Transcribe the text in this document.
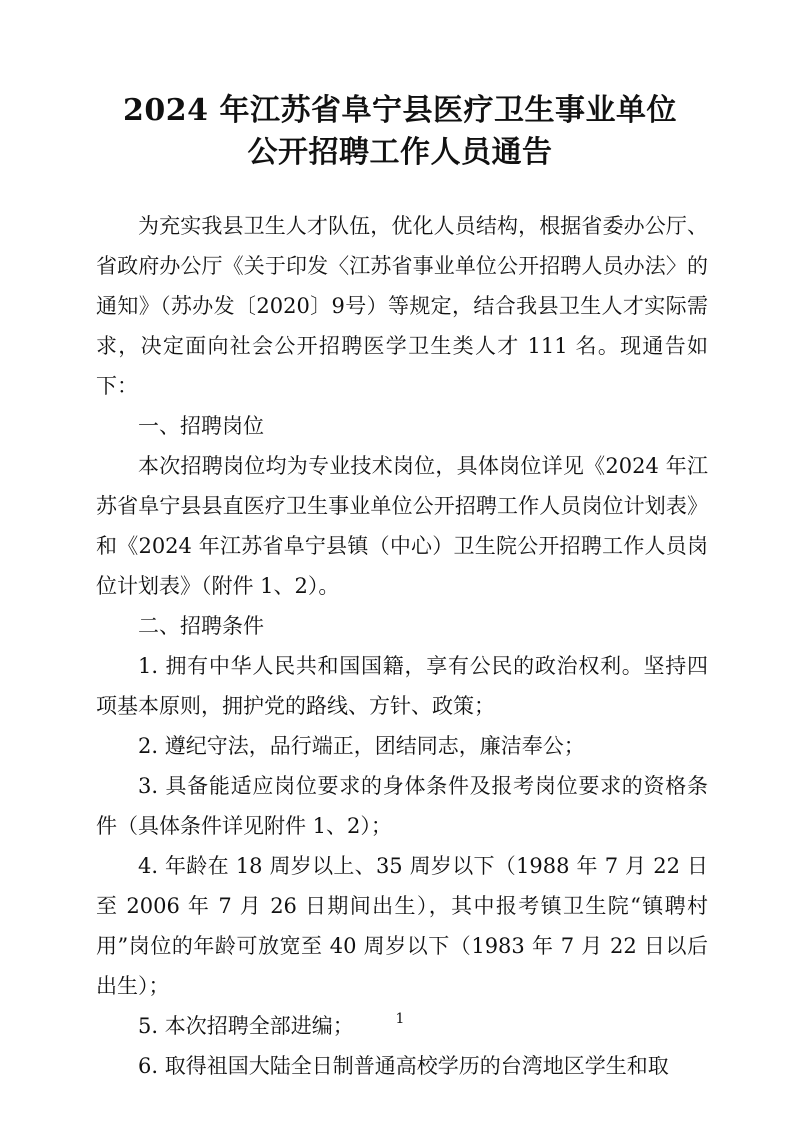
2024 年江苏省阜宁县医疗卫生事业单位
公开招聘工作人员通告

为充实我县卫生人才队伍，优化人员结构，根据省委办公厅、省政府办公厅《关于印发〈江苏省事业单位公开招聘人员办法〉的通知》（苏办发〔2020〕9号）等规定，结合我县卫生人才实际需求，决定面向社会公开招聘医学卫生类人才 111 名。现通告如下：

一、招聘岗位

本次招聘岗位均为专业技术岗位，具体岗位详见《2024 年江苏省阜宁县县直医疗卫生事业单位公开招聘工作人员岗位计划表》和《2024 年江苏省阜宁县镇（中心）卫生院公开招聘工作人员岗位计划表》（附件 1、2）。

二、招聘条件

1. 拥有中华人民共和国国籍，享有公民的政治权利。坚持四项基本原则，拥护党的路线、方针、政策；

2. 遵纪守法，品行端正，团结同志，廉洁奉公；

3. 具备能适应岗位要求的身体条件及报考岗位要求的资格条件（具体条件详见附件 1、2）；

4. 年龄在 18 周岁以上、35 周岁以下（1988 年 7 月 22 日至 2006 年 7 月 26 日期间出生），其中报考镇卫生院“镇聘村用”岗位的年龄可放宽至 40 周岁以下（1983 年 7 月 22 日以后出生）；

5. 本次招聘全部进编；

6. 取得祖国大陆全日制普通高校学历的台湾地区学生和取

1
